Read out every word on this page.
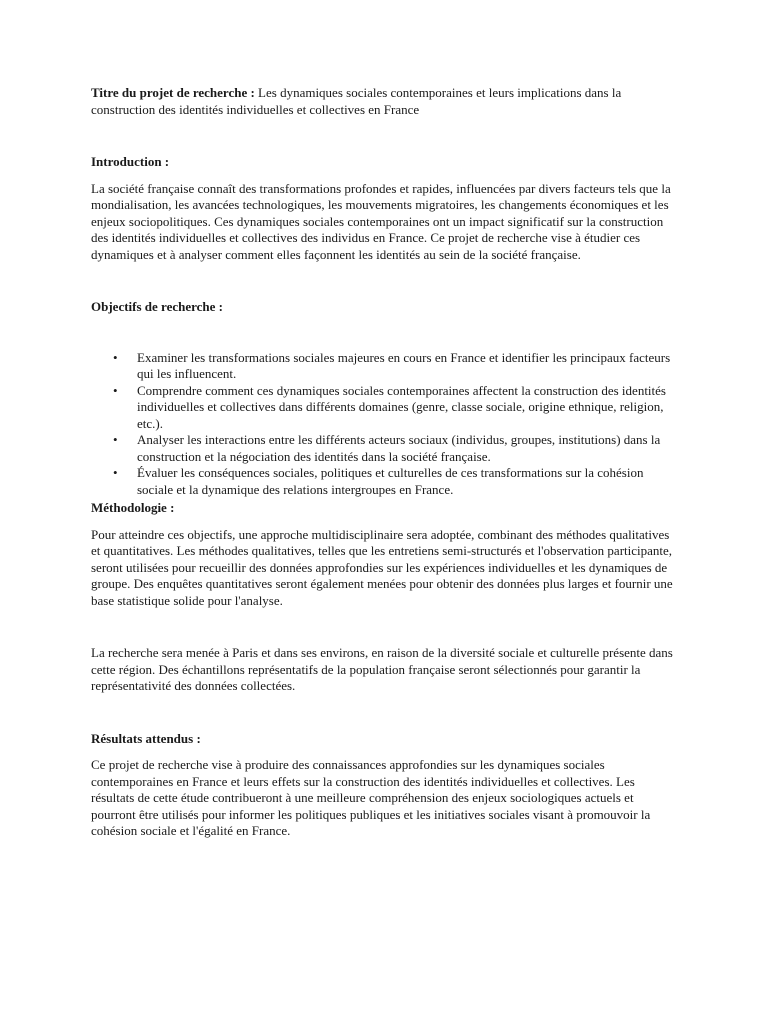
Titre du projet de recherche : Les dynamiques sociales contemporaines et leurs implications dans la construction des identités individuelles et collectives en France

Introduction :

La société française connaît des transformations profondes et rapides, influencées par divers facteurs tels que la mondialisation, les avancées technologiques, les mouvements migratoires, les changements économiques et les enjeux sociopolitiques. Ces dynamiques sociales contemporaines ont un impact significatif sur la construction des identités individuelles et collectives des individus en France. Ce projet de recherche vise à étudier ces dynamiques et à analyser comment elles façonnent les identités au sein de la société française.

Objectifs de recherche :

• Examiner les transformations sociales majeures en cours en France et identifier les principaux facteurs qui les influencent.
• Comprendre comment ces dynamiques sociales contemporaines affectent la construction des identités individuelles et collectives dans différents domaines (genre, classe sociale, origine ethnique, religion, etc.).
• Analyser les interactions entre les différents acteurs sociaux (individus, groupes, institutions) dans la construction et la négociation des identités dans la société française.
• Évaluer les conséquences sociales, politiques et culturelles de ces transformations sur la cohésion sociale et la dynamique des relations intergroupes en France.

Méthodologie :

Pour atteindre ces objectifs, une approche multidisciplinaire sera adoptée, combinant des méthodes qualitatives et quantitatives. Les méthodes qualitatives, telles que les entretiens semi-structurés et l'observation participante, seront utilisées pour recueillir des données approfondies sur les expériences individuelles et les dynamiques de groupe. Des enquêtes quantitatives seront également menées pour obtenir des données plus larges et fournir une base statistique solide pour l'analyse.

La recherche sera menée à Paris et dans ses environs, en raison de la diversité sociale et culturelle présente dans cette région. Des échantillons représentatifs de la population française seront sélectionnés pour garantir la représentativité des données collectées.

Résultats attendus :

Ce projet de recherche vise à produire des connaissances approfondies sur les dynamiques sociales contemporaines en France et leurs effets sur la construction des identités individuelles et collectives. Les résultats de cette étude contribueront à une meilleure compréhension des enjeux sociologiques actuels et pourront être utilisés pour informer les politiques publiques et les initiatives sociales visant à promouvoir la cohésion sociale et l'égalité en France.
